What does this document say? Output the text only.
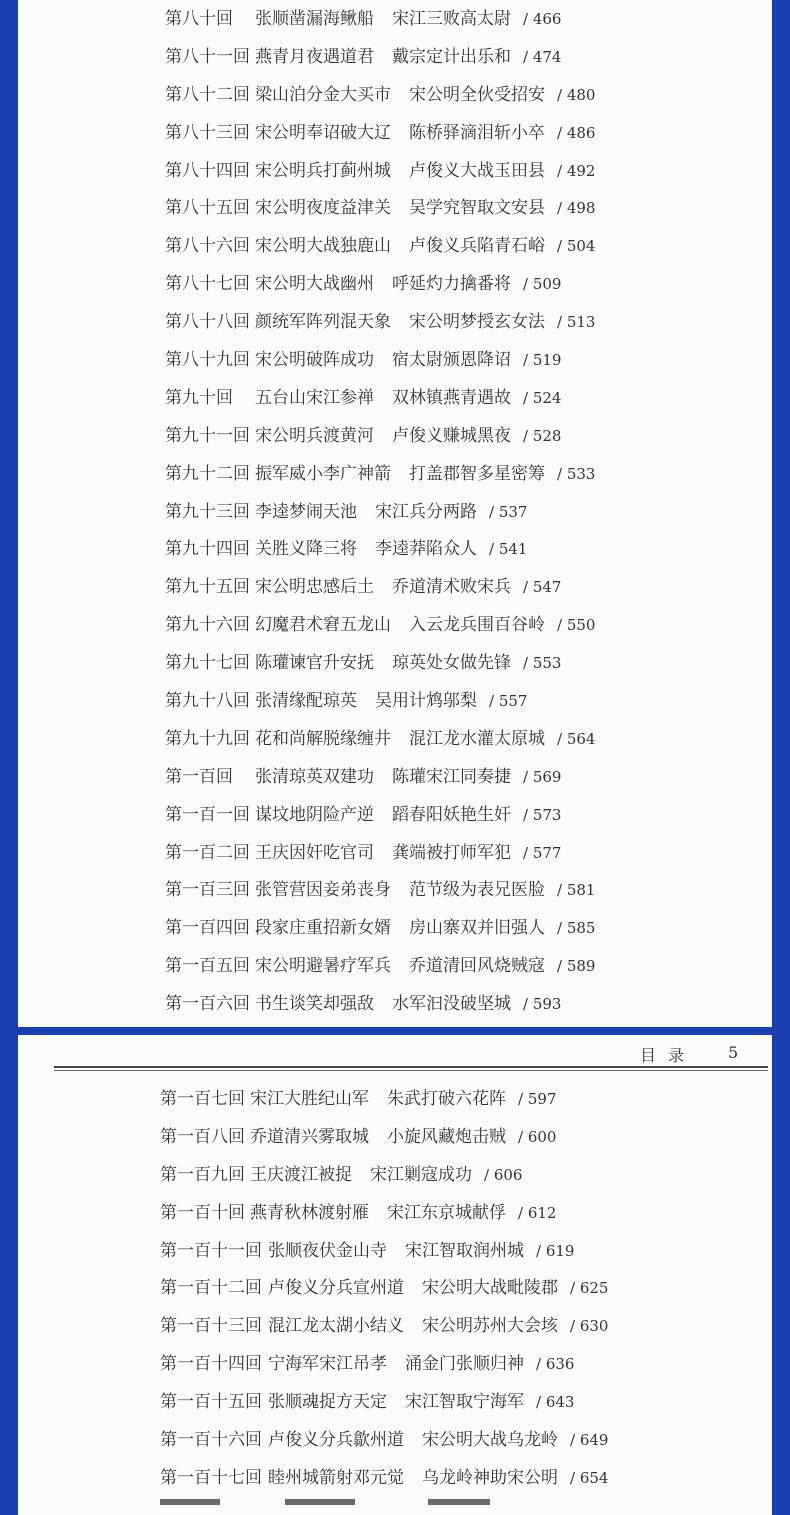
第八十回	张顺凿漏海鳅船 宋江三败高太尉 / 466
第八十一回 燕青月夜遇道君 戴宗定计出乐和 / 474
第八十二回 梁山泊分金大买市 宋公明全伙受招安 / 480
第八十三回 宋公明奉诏破大辽 陈桥驿滴泪斩小卒 / 486
第八十四回 宋公明兵打蓟州城 卢俊义大战玉田县 / 492
第八十五回 宋公明夜度益津关 吴学究智取文安县 / 498
第八十六回 宋公明大战独鹿山 卢俊义兵陷青石峪 / 504
第八十七回 宋公明大战幽州 呼延灼力擒番将 / 509
第八十八回 颜统军阵列混天象 宋公明梦授玄女法 / 513
第八十九回 宋公明破阵成功 宿太尉颁恩降诏 / 519
第九十回	五台山宋江参禅 双林镇燕青遇故 / 524
第九十一回 宋公明兵渡黄河 卢俊义赚城黑夜 / 528
第九十二回 振军威小李广神箭 打盖郡智多星密筹 / 533
第九十三回 李逵梦闹天池 宋江兵分两路 / 537
第九十四回 关胜义降三将 李逵莽陷众人 / 541
第九十五回 宋公明忠感后土 乔道清术败宋兵 / 547
第九十六回 幻魔君术窘五龙山 入云龙兵围百谷岭 / 550
第九十七回 陈瓘谏官升安抚 琼英处女做先锋 / 553
第九十八回 张清缘配琼英 吴用计鸩邬梨 / 557
第九十九回 花和尚解脱缘缠井 混江龙水灌太原城 / 564
第一百回	张清琼英双建功 陈瓘宋江同奏捷 / 569
第一百一回 谋坟地阴险产逆 蹈春阳妖艳生奸 / 573
第一百二回 王庆因奸吃官司 龚端被打师军犯 / 577
第一百三回 张管营因妾弟丧身 范节级为表兄医脸 / 581
第一百四回 段家庄重招新女婿 房山寨双并旧强人 / 585
第一百五回 宋公明避暑疗军兵 乔道清回风烧贼寇 / 589
第一百六回 书生谈笑却强敌 水军汩没破坚城 / 593
目录 5
第一百七回 宋江大胜纪山军 朱武打破六花阵 / 597
第一百八回 乔道清兴雾取城 小旋风藏炮击贼 / 600
第一百九回 王庆渡江被捉 宋江剿寇成功 / 606
第一百十回 燕青秋林渡射雁 宋江东京城献俘 / 612
第一百十一回 张顺夜伏金山寺 宋江智取润州城 / 619
第一百十二回 卢俊义分兵宣州道 宋公明大战毗陵郡 / 625
第一百十三回 混江龙太湖小结义 宋公明苏州大会垓 / 630
第一百十四回 宁海军宋江吊孝 涌金门张顺归神 / 636
第一百十五回 张顺魂捉方天定 宋江智取宁海军 / 643
第一百十六回 卢俊义分兵歙州道 宋公明大战乌龙岭 / 649
第一百十七回 睦州城箭射邓元觉 乌龙岭神助宋公明 / 654
